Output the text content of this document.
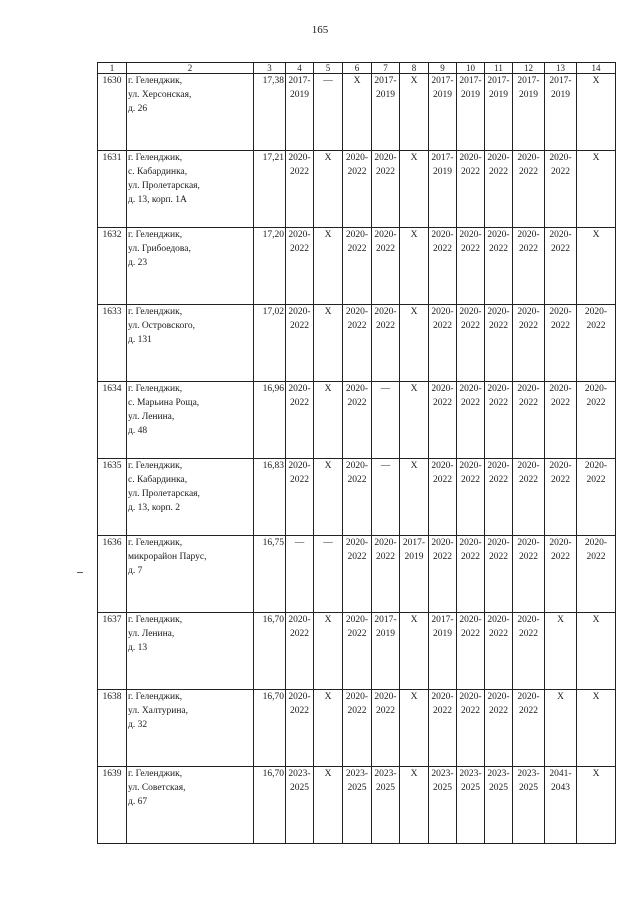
165
1	2	3	4	5	6	7	8	9	10	11	12	13	14
1630	г. Геленджик,
ул. Херсонская,
д. 26	17,38	2017-
2019	—	X	2017-
2019	X	2017-
2019	2017-
2019	2017-
2019	2017-
2019	2017-
2019	X

1631	г. Геленджик,
с. Кабардинка,
ул. Пролетарская,
д. 13, корп. 1А	17,21	2020-
2022	X	2020-
2022	2020-
2022	X	2017-
2019	2020-
2022	2020-
2022	2020-
2022	2020-
2022	X

1632	г. Геленджик,
ул. Грибоедова,
д. 23	17,20	2020-
2022	X	2020-
2022	2020-
2022	X	2020-
2022	2020-
2022	2020-
2022	2020-
2022	2020-
2022	X

1633	г. Геленджик,
ул. Островского,
д. 131	17,02	2020-
2022	X	2020-
2022	2020-
2022	X	2020-
2022	2020-
2022	2020-
2022	2020-
2022	2020-
2022	2020-
2022

1634	г. Геленджик,
с. Марьина Роща,
ул. Ленина,
д. 48	16,96	2020-
2022	X	2020-
2022	—	X	2020-
2022	2020-
2022	2020-
2022	2020-
2022	2020-
2022	2020-
2022

1635	г. Геленджик,
с. Кабардинка,
ул. Пролетарская,
д. 13, корп. 2	16,83	2020-
2022	X	2020-
2022	—	X	2020-
2022	2020-
2022	2020-
2022	2020-
2022	2020-
2022	2020-
2022

1636	г. Геленджик,
микрорайон Парус,
д. 7	16,75	—	—	2020-
2022	2020-
2022	2017-
2019	2020-
2022	2020-
2022	2020-
2022	2020-
2022	2020-
2022	2020-
2022

1637	г. Геленджик,
ул. Ленина,
д. 13	16,70	2020-
2022	X	2020-
2022	2017-
2019	X	2017-
2019	2020-
2022	2020-
2022	2020-
2022	X	X

1638	г. Геленджик,
ул. Халтурина,
д. 32	16,70	2020-
2022	X	2020-
2022	2020-
2022	X	2020-
2022	2020-
2022	2020-
2022	2020-
2022	X	X

1639	г. Геленджик,
ул. Советская,
д. 67	16,70	2023-
2025	X	2023-
2025	2023-
2025	X	2023-
2025	2023-
2025	2023-
2025	2023-
2025	2041-
2043	X
